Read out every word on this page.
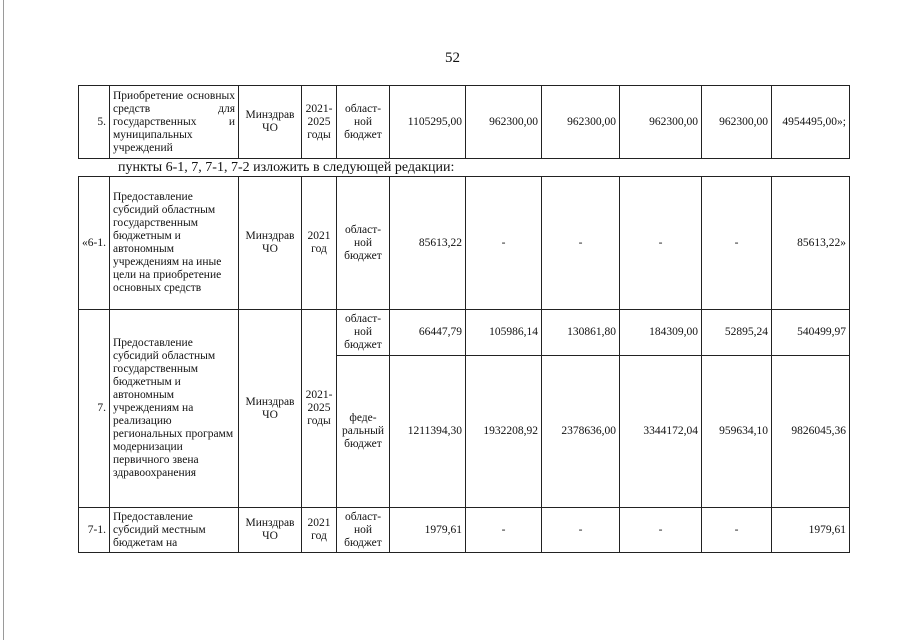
52
5.	Приобретение основных средств для государственных и муниципальных учреждений	Минздрав ЧО	2021-2025 годы	област-ной бюджет	1105295,00	962300,00	962300,00	962300,00	962300,00	4954495,00»;
пункты 6-1, 7, 7-1, 7-2 изложить в следующей редакции:
«6-1.	Предоставление субсидий областным государственным бюджетным и автономным учреждениям на иные цели на приобретение основных средств	Минздрав ЧО	2021 год	област-ной бюджет	85613,22	-	-	-	-	85613,22»
7.	Предоставление субсидий областным государственным бюджетным и автономным учреждениям на реализацию региональных программ модернизации первичного звена здравоохранения	Минздрав ЧО	2021-2025 годы	област-ной бюджет	66447,79	105986,14	130861,80	184309,00	52895,24	540499,97
				феде-ральный бюджет	1211394,30	1932208,92	2378636,00	3344172,04	959634,10	9826045,36
7-1.	Предоставление субсидий местным бюджетам на	Минздрав ЧО	2021 год	област-ной бюджет	1979,61	-	-	-	-	1979,61
